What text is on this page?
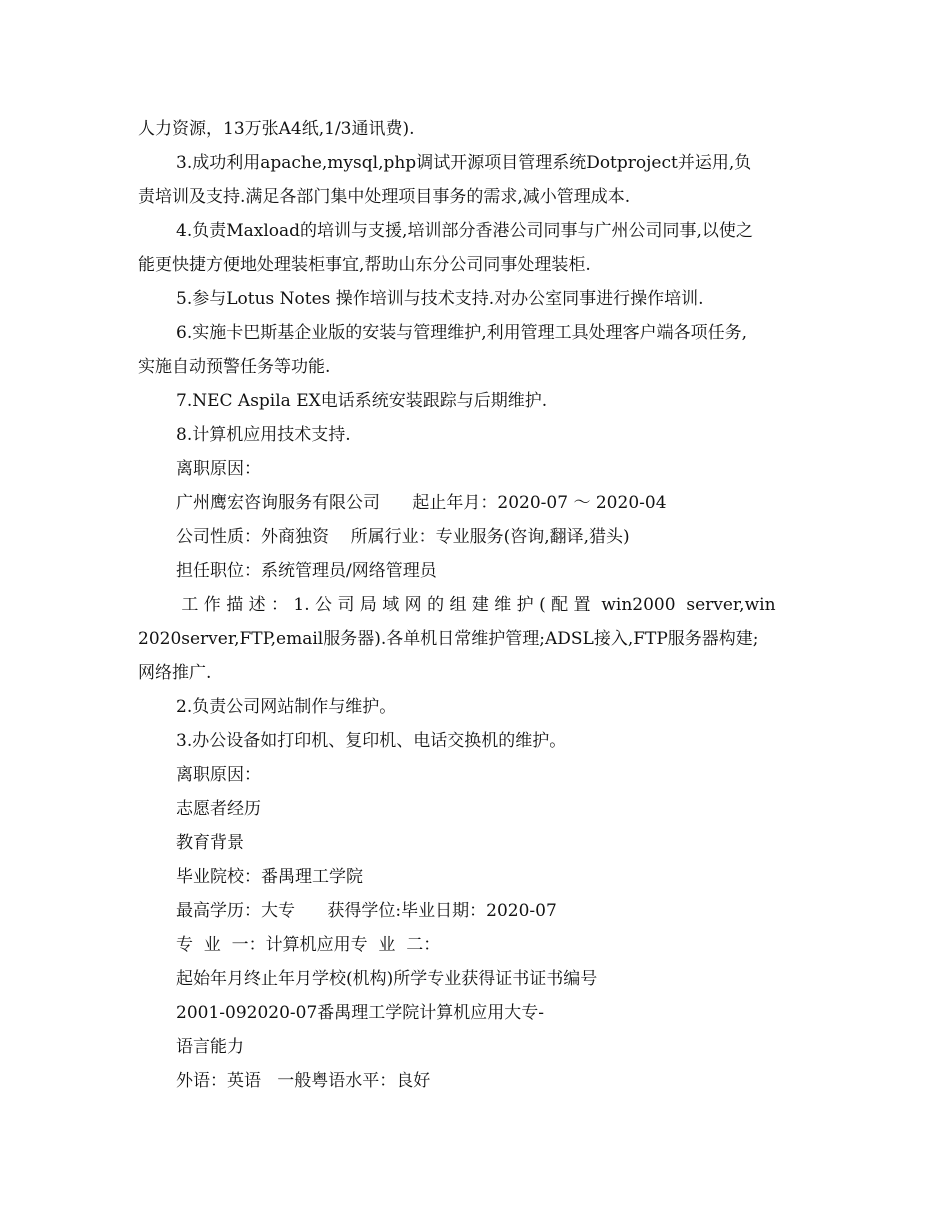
人力资源，13万张A4纸,1/3通讯费).
3.成功利用apache,mysql,php调试开源项目管理系统Dotproject并运用,负
责培训及支持.满足各部门集中处理项目事务的需求,减小管理成本.
4.负责Maxload的培训与支援,培训部分香港公司同事与广州公司同事,以使之
能更快捷方便地处理装柜事宜,帮助山东分公司同事处理装柜.
5.参与Lotus Notes 操作培训与技术支持.对办公室同事进行操作培训.
6.实施卡巴斯基企业版的安装与管理维护,利用管理工具处理客户端各项任务,
实施自动预警任务等功能.
7.NEC Aspila EX电话系统安装跟踪与后期维护.
8.计算机应用技术支持.
离职原因：
广州鹰宏咨询服务有限公司      起止年月：2020-07 ～ 2020-04
公司性质：外商独资    所属行业：专业服务(咨询,翻译,猎头)
担任职位：系统管理员/网络管理员
工 作 描 述 ： 1. 公 司 局 域 网 的 组 建 维 护 ( 配 置  win2000  server,win
2020server,FTP,email服务器).各单机日常维护管理;ADSL接入,FTP服务器构建;
网络推广.
2.负责公司网站制作与维护。
3.办公设备如打印机、复印机、电话交换机的维护。
离职原因：
志愿者经历
教育背景
毕业院校：番禺理工学院
最高学历：大专      获得学位:毕业日期：2020-07
专  业  一：计算机应用专  业  二：
起始年月终止年月学校(机构)所学专业获得证书证书编号
2001-092020-07番禺理工学院计算机应用大专-
语言能力
外语：英语   一般粤语水平：良好
